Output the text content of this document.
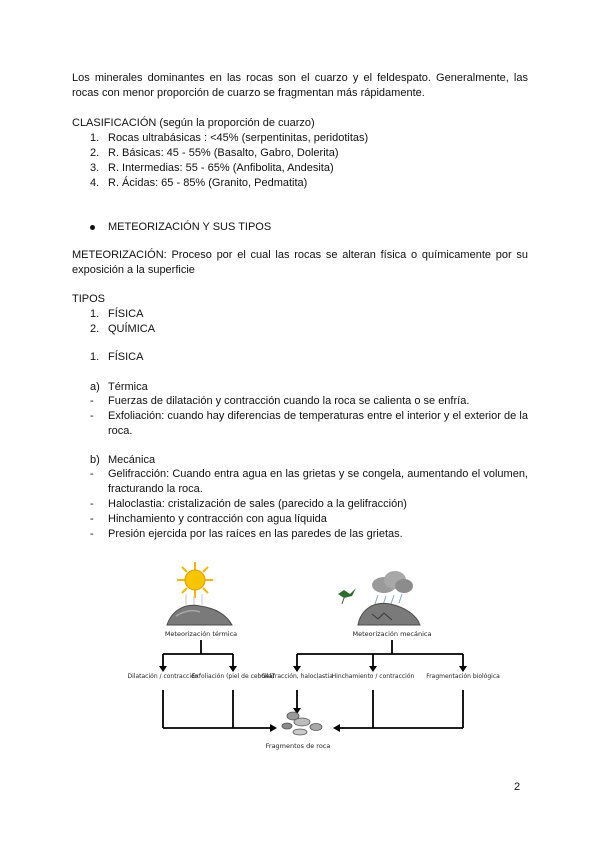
Los minerales dominantes en las rocas son el cuarzo y el feldespato. Generalmente, las rocas con menor proporción de cuarzo se fragmentan más rápidamente.

CLASIFICACIÓN (según la proporción de cuarzo)
1. Rocas ultrabásicas : <45% (serpentinitas, peridotitas)
2. R. Básicas: 45 - 55% (Basalto, Gabro, Dolerita)
3. R. Intermedias: 55 - 65% (Anfibolita, Andesita)
4. R. Ácidas: 65 - 85% (Granito, Pedmatita)
METEORIZACIÓN Y SUS TIPOS

METEORIZACIÓN: Proceso por el cual las rocas se alteran física o químicamente por su exposición a la superficie

TIPOS
1. FÍSICA
2. QUÍMICA
1. FÍSICA
a) Térmica
- Fuerzas de dilatación y contracción cuando la roca se calienta o se enfría.
- Exfoliación: cuando hay diferencias de temperaturas entre el interior y el exterior de la roca.
b) Mecánica
- Gelifracción: Cuando entra agua en las grietas y se congela, aumentando el volumen, fracturando la roca.
- Haloclastia: cristalización de sales (parecido a la gelifracción)
- Hinchamiento y contracción con agua líquida
- Presión ejercida por las raíces en las paredes de las grietas.
Meteorización térmica	Meteorización mecánica
Dilatación / contracción
Exfoliación (piel de cebolla)
Gelifracción, haloclastia
Hinchamiento / contracción Fragmentación biológica
Fragmentos de roca
2
